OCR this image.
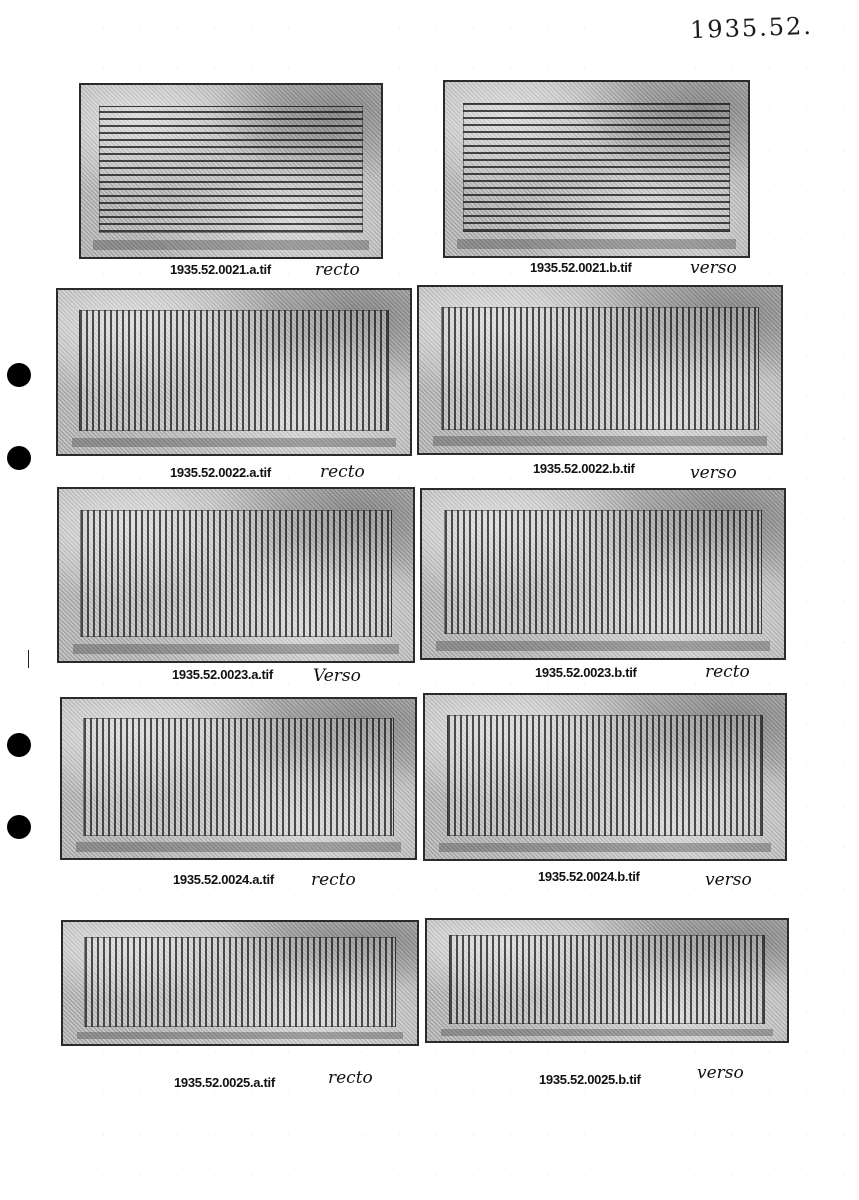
1935.52.
1935.52.0021.a.tif	recto	1935.52.0021.b.tif	verso
1935.52.0022.a.tif	recto	1935.52.0022.b.tif	verso
1935.52.0023.a.tif Verso	1935.52.0023.b.tif	recto
1935.52.0024.a.tif recto	1935.52.0024.b.tif	verso
1935.52.0025.a.tif	recto	1935.52.0025.b.tif	verso
